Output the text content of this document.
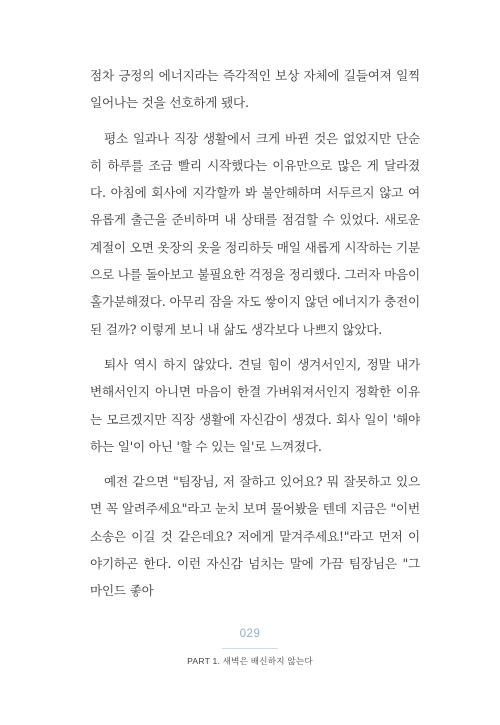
점차 긍정의 에너지라는 즉각적인 보상 자체에 길들여져 일찍 일어나는 것을 선호하게 됐다.

평소 일과나 직장 생활에서 크게 바뀐 것은 없었지만 단순히 하루를 조금 빨리 시작했다는 이유만으로 많은 게 달라졌다. 아침에 회사에 지각할까 봐 불안해하며 서두르지 않고 여유롭게 출근을 준비하며 내 상태를 점검할 수 있었다. 새로운 계절이 오면 옷장의 옷을 정리하듯 매일 새롭게 시작하는 기분으로 나를 돌아보고 불필요한 걱정을 정리했다. 그러자 마음이 홀가분해졌다. 아무리 잠을 자도 쌓이지 않던 에너지가 충전이 된 걸까? 이렇게 보니 내 삶도 생각보다 나쁘지 않았다.

퇴사 역시 하지 않았다. 견딜 힘이 생겨서인지, 정말 내가 변해서인지 아니면 마음이 한결 가벼워져서인지 정확한 이유는 모르겠지만 직장 생활에 자신감이 생겼다. 회사 일이 '해야 하는 일'이 아닌 '할 수 있는 일'로 느껴졌다.

예전 같으면 "팀장님, 저 잘하고 있어요? 뭐 잘못하고 있으면 꼭 알려주세요"라고 눈치 보며 물어봤을 텐데 지금은 "이번 소송은 이길 것 같은데요? 저에게 맡겨주세요!"라고 먼저 이야기하곤 한다. 이런 자신감 넘치는 말에 가끔 팀장님은 "그 마인드 좋아

029
PART 1. 새벽은 배신하지 않는다
